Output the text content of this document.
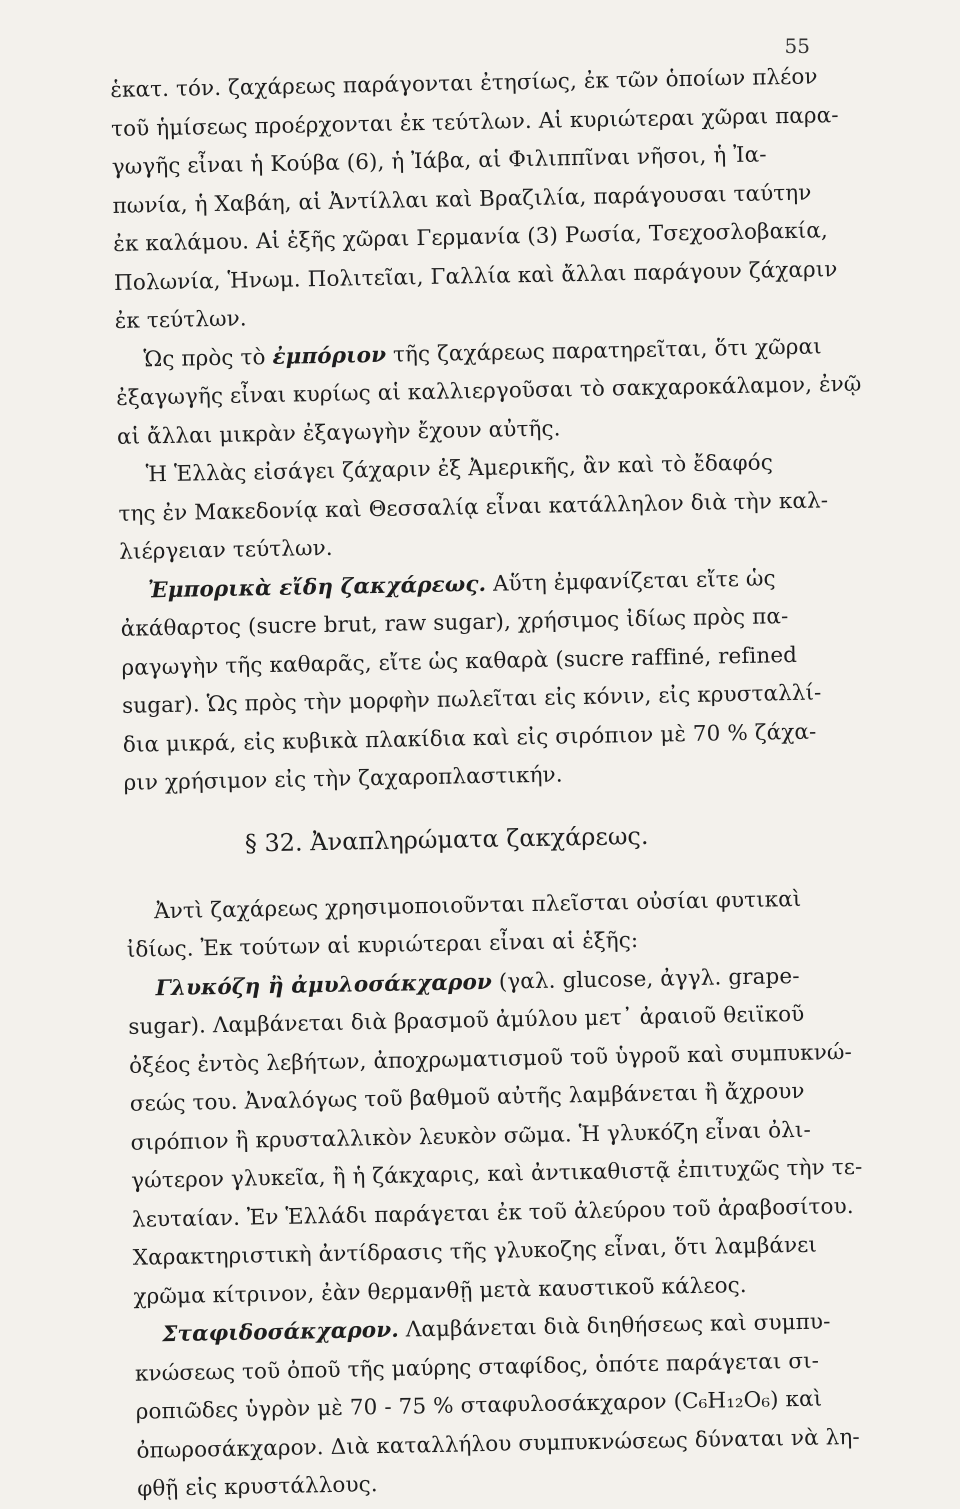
55
ἑκατ. τόν. ζαχάρεως παράγονται ἐτησίως, ἐκ τῶν ὁποίων πλέον
τοῦ ἡμίσεως προέρχονται ἐκ τεύτλων. Αἱ κυριώτεραι χῶραι παρα-
γωγῆς εἶναι ἡ Κούβα (6), ἡ Ἰάβα, αἱ Φιλιππῖναι νῆσοι, ἡ Ἰα-
πωνία, ἡ Χαβάη, αἱ Ἀντίλλαι καὶ Βραζιλία, παράγουσαι ταύτην
ἐκ καλάμου. Αἱ ἑξῆς χῶραι Γερμανία (3) Ρωσία, Τσεχοσλοβακία,
Πολωνία, Ἡνωμ. Πολιτεῖαι, Γαλλία καὶ ἄλλαι παράγουν ζάχαριν
ἐκ τεύτλων.
Ὡς πρὸς τὸ ἐμπόριον τῆς ζαχάρεως παρατηρεῖται, ὅτι χῶραι
ἐξαγωγῆς εἶναι κυρίως αἱ καλλιεργοῦσαι τὸ σακχαροκάλαμον, ἐνῷ
αἱ ἄλλαι μικρὰν ἐξαγωγὴν ἔχουν αὐτῆς.
Ἡ Ἑλλὰς εἰσάγει ζάχαριν ἐξ Ἀμερικῆς, ἂν καὶ τὸ ἔδαφός
της ἐν Μακεδονίᾳ καὶ Θεσσαλίᾳ εἶναι κατάλληλον διὰ τὴν καλ-
λιέργειαν τεύτλων.
Ἐμπορικὰ εἴδη ζακχάρεως. Αὕτη ἐμφανίζεται εἴτε ὡς
ἀκάθαρτος (sucre brut, raw sugar), χρήσιμος ἰδίως πρὸς πα-
ραγωγὴν τῆς καθαρᾶς, εἴτε ὡς καθαρὰ (sucre raffiné, refined
sugar). Ὡς πρὸς τὴν μορφὴν πωλεῖται εἰς κόνιν, εἰς κρυσταλλί-
δια μικρά, εἰς κυβικὰ πλακίδια καὶ εἰς σιρόπιον μὲ 70 % ζάχα-
ριν χρήσιμον εἰς τὴν ζαχαροπλαστικήν.
§ 32. Ἀναπληρώματα ζακχάρεως.
Ἀντὶ ζαχάρεως χρησιμοποιοῦνται πλεῖσται οὐσίαι φυτικαὶ
ἰδίως. Ἐκ τούτων αἱ κυριώτεραι εἶναι αἱ ἑξῆς:
Γλυκόζη ἢ ἀμυλοσάκχαρον (γαλ. glucose, ἀγγλ. grape-
sugar). Λαμβάνεται διὰ βρασμοῦ ἀμύλου μετ᾽ ἀραιοῦ θειϊκοῦ
ὀξέος ἐντὸς λεβήτων, ἀποχρωματισμοῦ τοῦ ὑγροῦ καὶ συμπυκνώ-
σεώς του. Ἀναλόγως τοῦ βαθμοῦ αὐτῆς λαμβάνεται ἢ ἄχρουν
σιρόπιον ἢ κρυσταλλικὸν λευκὸν σῶμα. Ἡ γλυκόζη εἶναι ὀλι-
γώτερον γλυκεῖα, ἢ ἡ ζάκχαρις, καὶ ἀντικαθιστᾷ ἐπιτυχῶς τὴν τε-
λευταίαν. Ἐν Ἑλλάδι παράγεται ἐκ τοῦ ἀλεύρου τοῦ ἀραβοσίτου.
Χαρακτηριστικὴ ἀντίδρασις τῆς γλυκοζης εἶναι, ὅτι λαμβάνει
χρῶμα κίτρινον, ἐὰν θερμανθῇ μετὰ καυστικοῦ κάλεος.
Σταφιδοσάκχαρον. Λαμβάνεται διὰ διηθήσεως καὶ συμπυ-
κνώσεως τοῦ ὀποῦ τῆς μαύρης σταφίδος, ὁπότε παράγεται σι-
ροπιῶδες ὑγρὸν μὲ 70 - 75 % σταφυλοσάκχαρον (C₆H₁₂O₆) καὶ
ὀπωροσάκχαρον. Διὰ καταλλήλου συμπυκνώσεως δύναται νὰ λη-
φθῇ εἰς κρυστάλλους.
